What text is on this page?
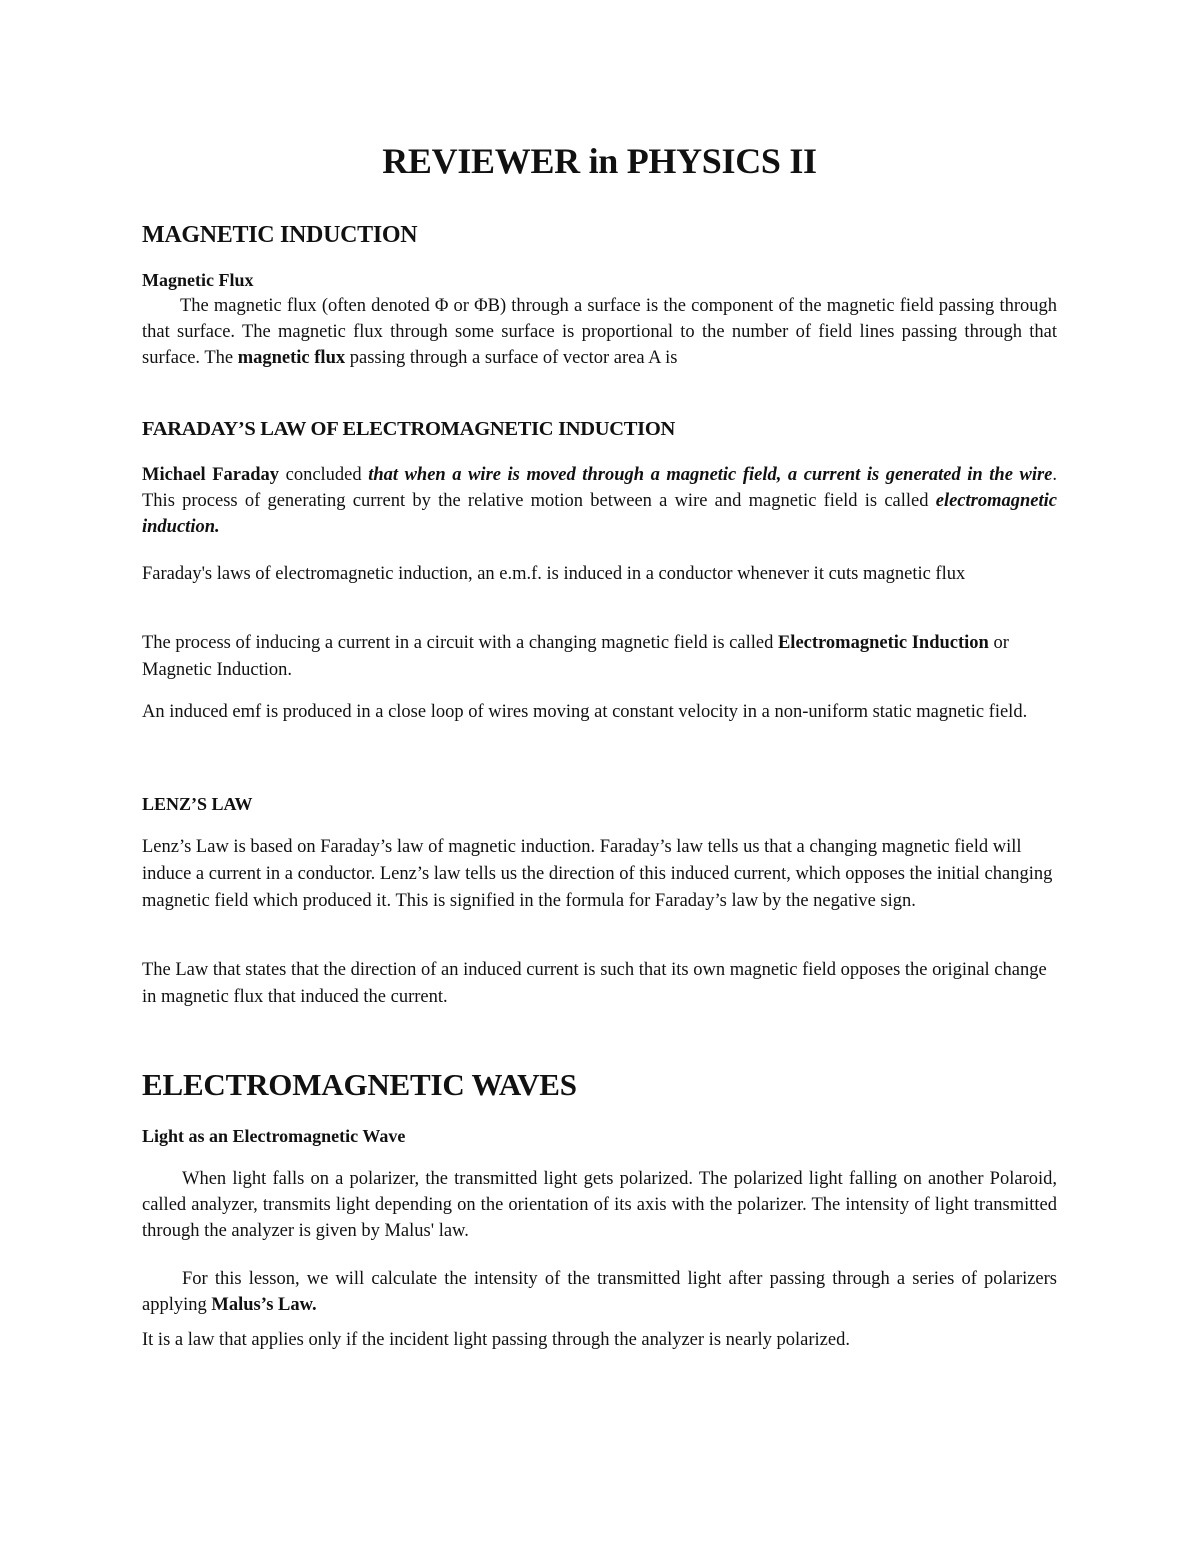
REVIEWER in PHYSICS II
MAGNETIC INDUCTION
Magnetic Flux

The magnetic flux (often denoted Φ or ΦB) through a surface is the component of the magnetic field passing through that surface. The magnetic flux through some surface is proportional to the number of field lines passing through that surface. The magnetic flux passing through a surface of vector area A is

FARADAY’S LAW OF ELECTROMAGNETIC INDUCTION

Michael Faraday concluded that when a wire is moved through a magnetic field, a current is generated in the wire. This process of generating current by the relative motion between a wire and magnetic field is called electromagnetic induction.

Faraday's laws of electromagnetic induction, an e.m.f. is induced in a conductor whenever it cuts magnetic flux

The process of inducing a current in a circuit with a changing magnetic field is called Electromagnetic Induction or Magnetic Induction.

An induced emf is produced in a close loop of wires moving at constant velocity in a non-uniform static magnetic field.

LENZ’S LAW

Lenz’s Law is based on Faraday’s law of magnetic induction. Faraday’s law tells us that a changing magnetic field will induce a current in a conductor. Lenz’s law tells us the direction of this induced current, which opposes the initial changing magnetic field which produced it. This is signified in the formula for Faraday’s law by the negative sign.

The Law that states that the direction of an induced current is such that its own magnetic field opposes the original change in magnetic flux that induced the current.

ELECTROMAGNETIC WAVES
Light as an Electromagnetic Wave

When light falls on a polarizer, the transmitted light gets polarized. The polarized light falling on another Polaroid, called analyzer, transmits light depending on the orientation of its axis with the polarizer. The intensity of light transmitted through the analyzer is given by Malus' law.

For this lesson, we will calculate the intensity of the transmitted light after passing through a series of polarizers applying Malus’s Law.

It is a law that applies only if the incident light passing through the analyzer is nearly polarized.
